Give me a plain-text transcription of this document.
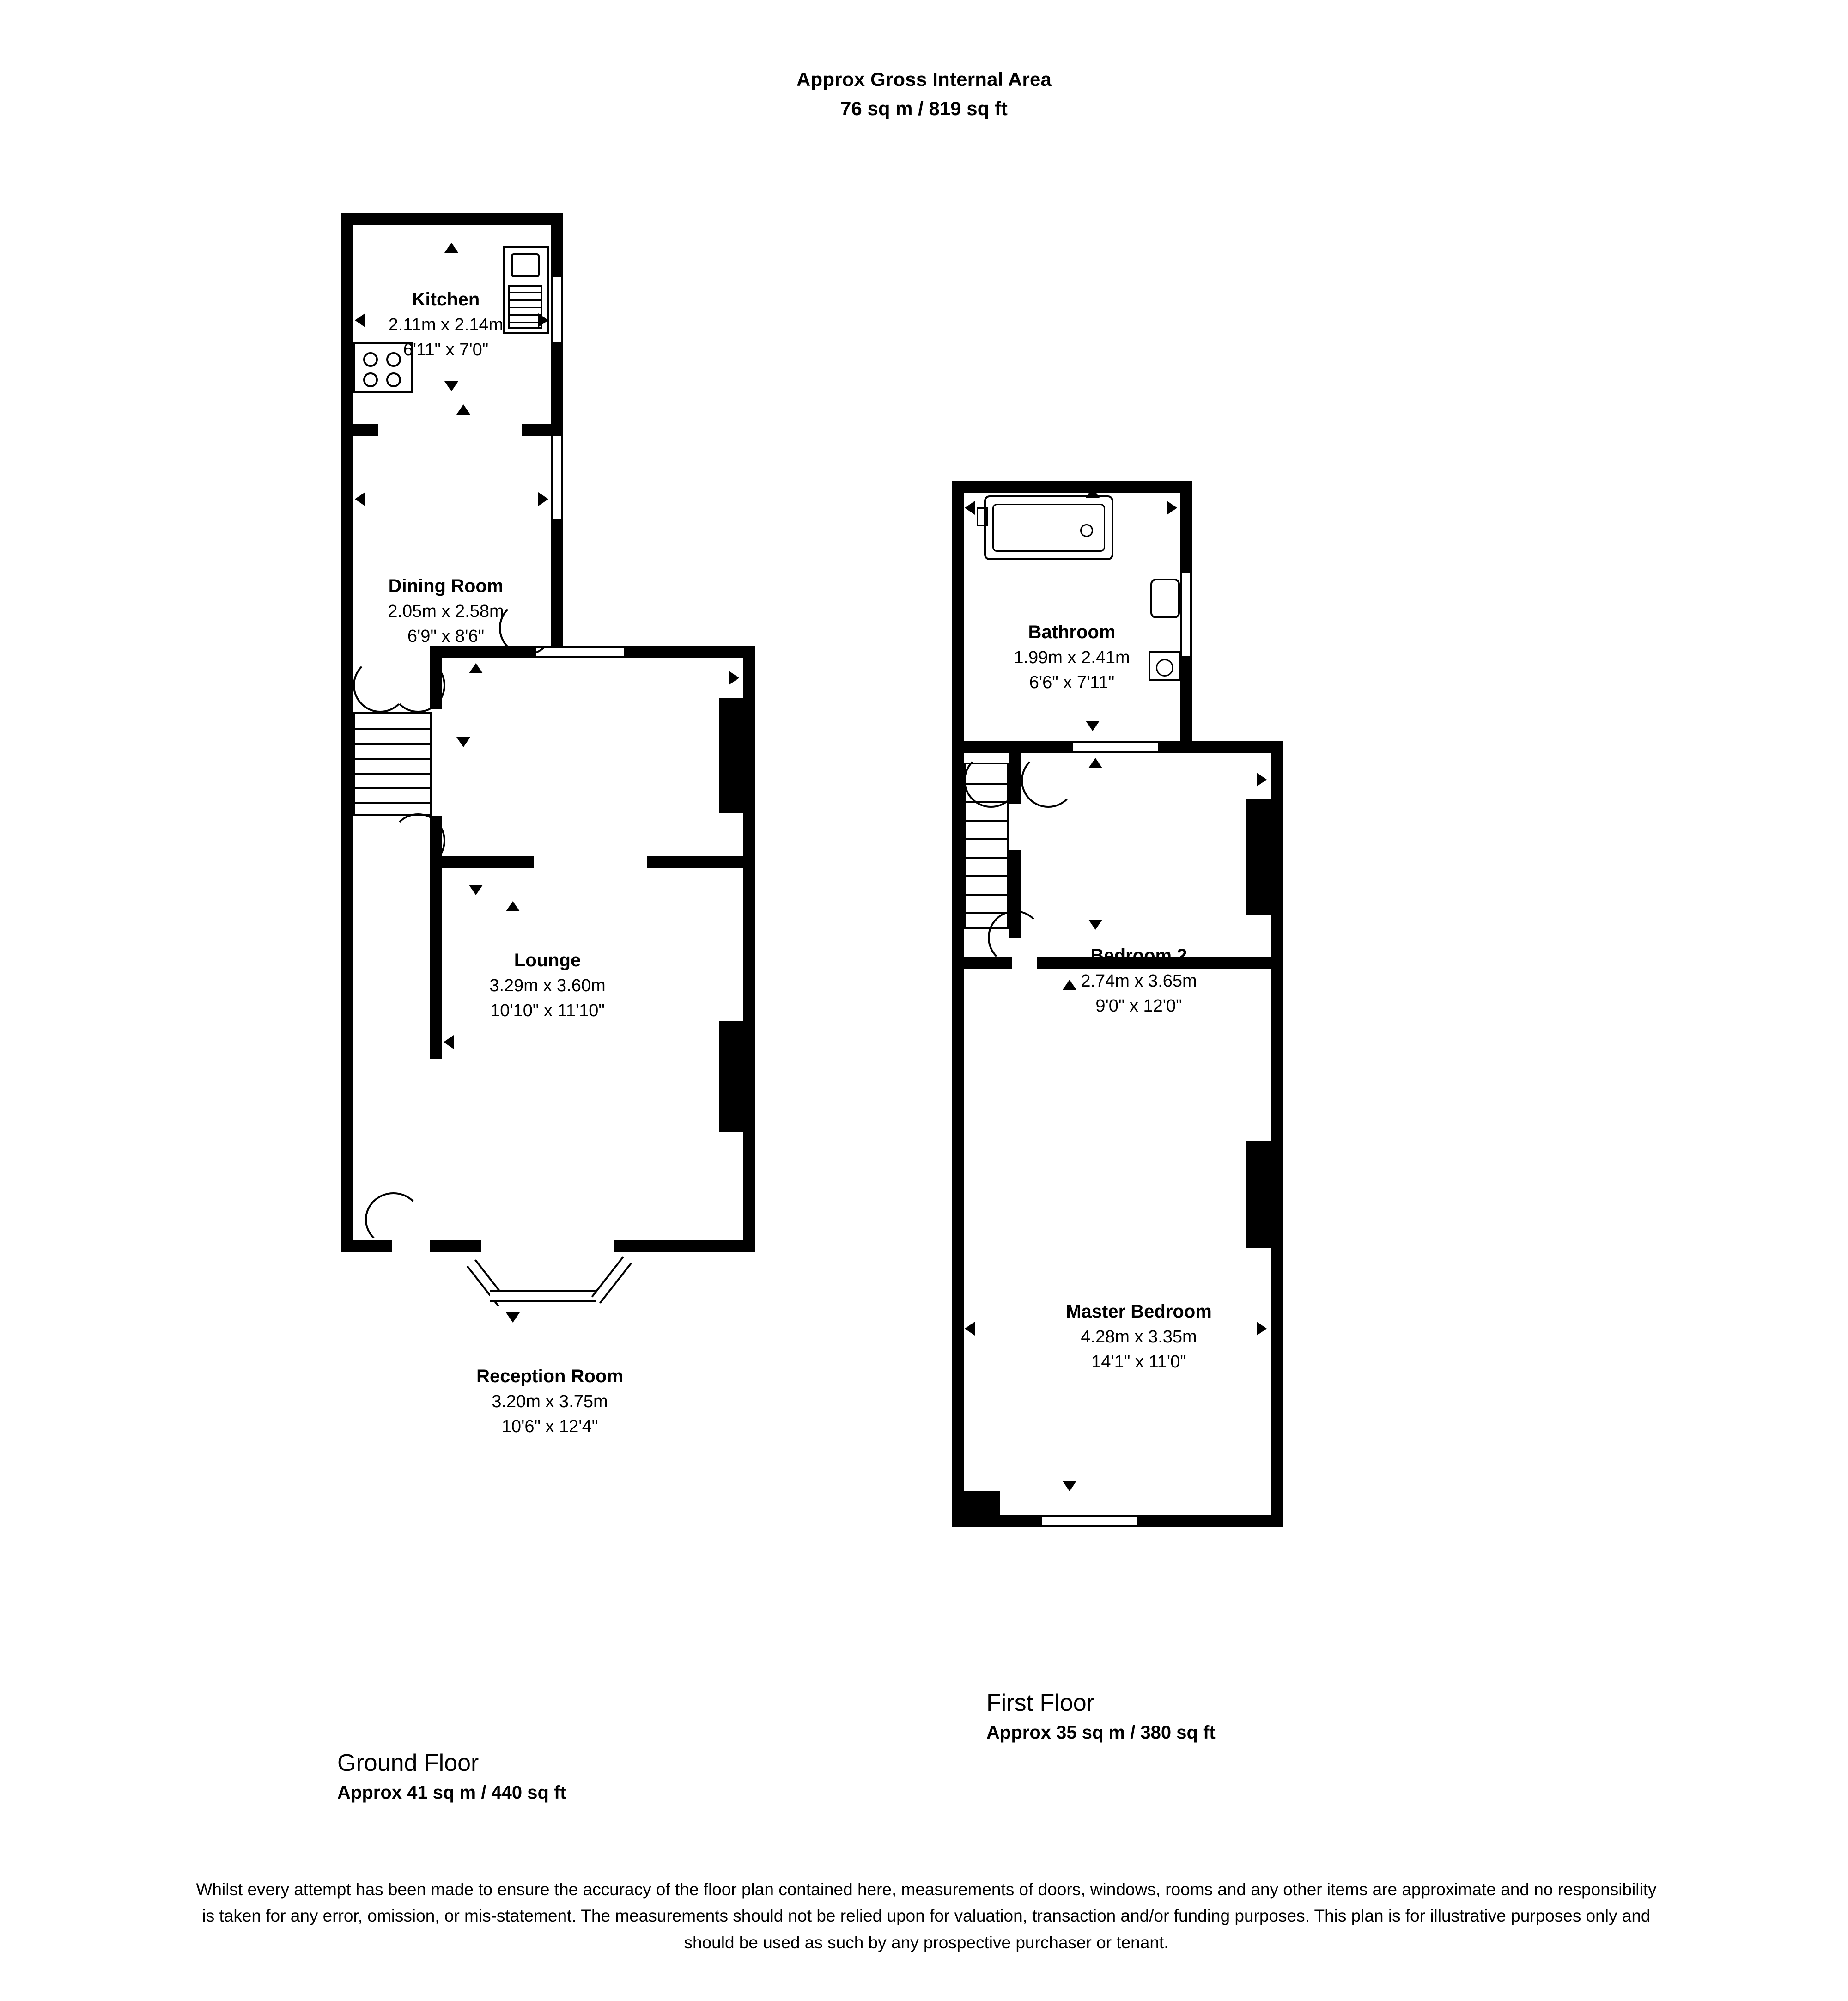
Approx Gross Internal Area
76 sq m / 819 sq ft
Kitchen
2.11m x 2.14m
6'11" x 7'0"
Dining Room
2.05m x 2.58m
6'9" x 8'6"
Lounge
3.29m x 3.60m
10'10" x 11'10"
Reception Room
3.20m x 3.75m
10'6" x 12'4"
Bathroom
1.99m x 2.41m
6'6" x 7'11"
Bedroom 2
2.74m x 3.65m
9'0" x 12'0"
Master Bedroom
4.28m x 3.35m
14'1" x 11'0"
Ground Floor
Approx 41 sq m / 440 sq ft
First Floor
Approx 35 sq m / 380 sq ft
Whilst every attempt has been made to ensure the accuracy of the floor plan contained here, measurements of doors, windows, rooms and any other items are approximate and no responsibility is taken for any error, omission, or mis-statement. The measurements should not be relied upon for valuation, transaction and/or funding purposes. This plan is for illustrative purposes only and should be used as such by any prospective purchaser or tenant.
